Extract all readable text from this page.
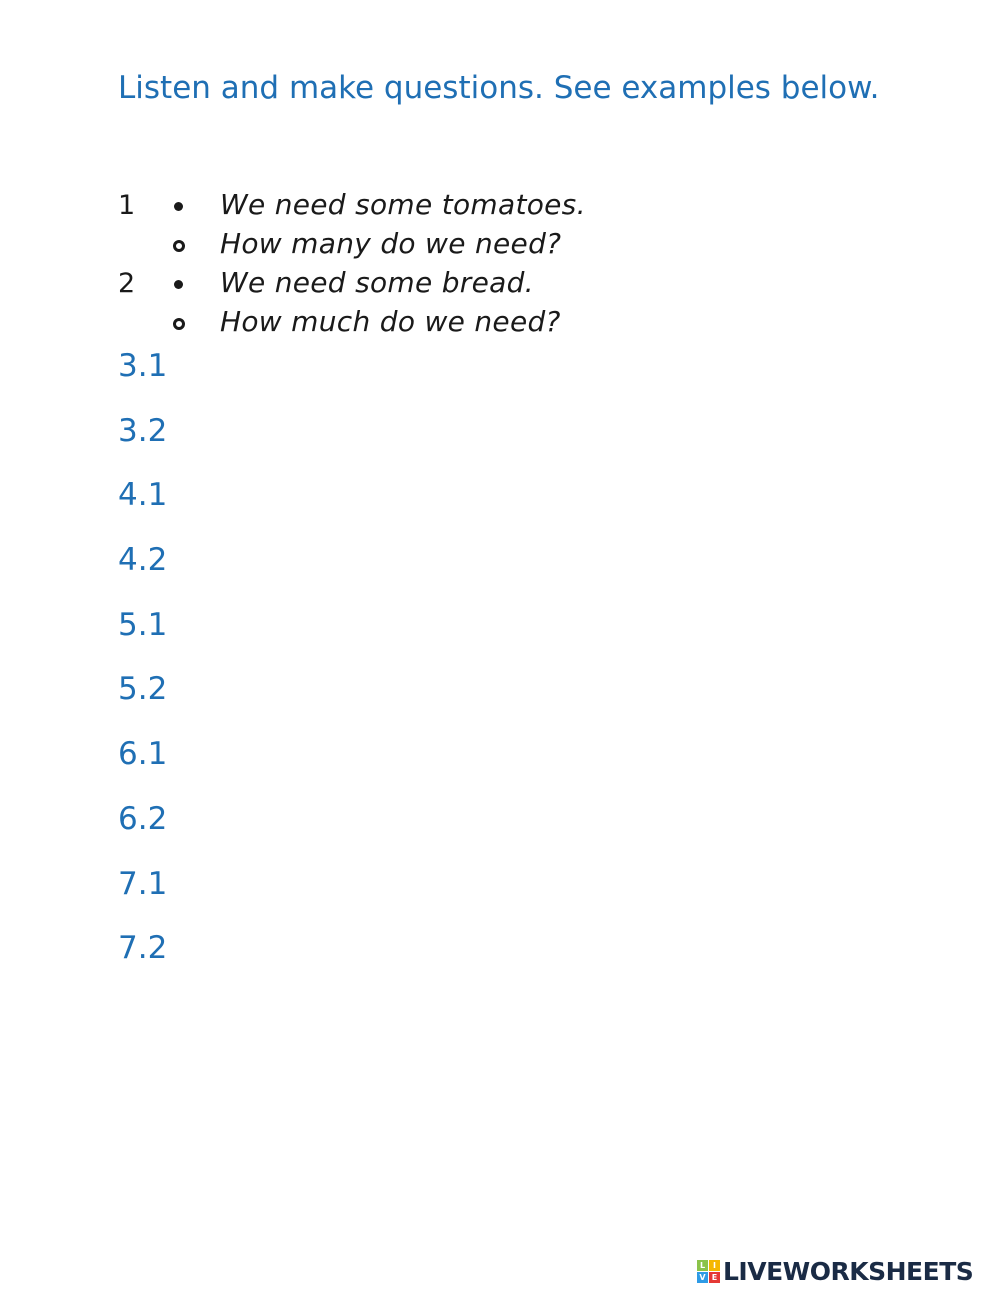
Listen and make questions. See examples below.
1	We need some tomatoes.
How many do we need?
2	We need some bread.
How much do we need?
3.1
3.2
4.1
4.2
5.1
5.2
6.1
6.2
7.1
7.2
L I
V E LIVEWORKSHEETS
